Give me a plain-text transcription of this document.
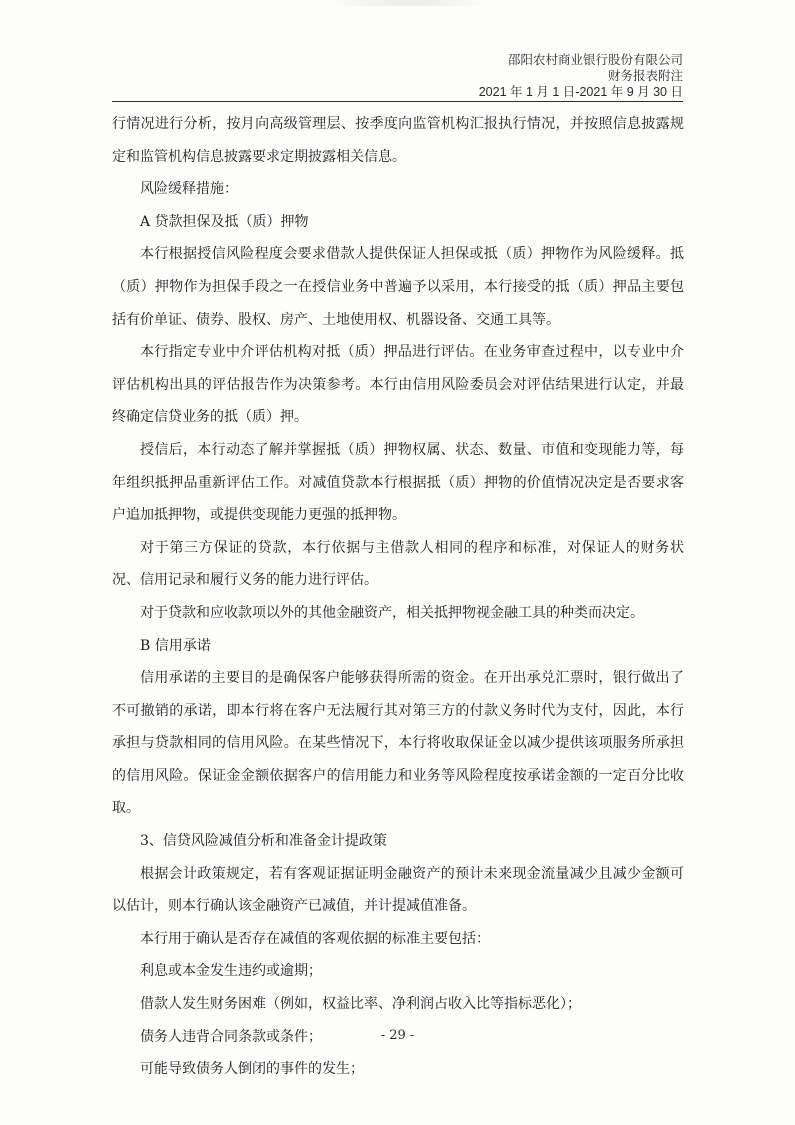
邵阳农村商业银行股份有限公司
财务报表附注
2021 年 1 月 1 日-2021 年 9 月 30 日

行情况进行分析，按月向高级管理层、按季度向监管机构汇报执行情况，并按照信息披露规定和监管机构信息披露要求定期披露相关信息。

风险缓释措施：

A 贷款担保及抵（质）押物

本行根据授信风险程度会要求借款人提供保证人担保或抵（质）押物作为风险缓释。抵（质）押物作为担保手段之一在授信业务中普遍予以采用，本行接受的抵（质）押品主要包括有价单证、债券、股权、房产、土地使用权、机器设备、交通工具等。

本行指定专业中介评估机构对抵（质）押品进行评估。在业务审查过程中，以专业中介评估机构出具的评估报告作为决策参考。本行由信用风险委员会对评估结果进行认定，并最终确定信贷业务的抵（质）押。

授信后，本行动态了解并掌握抵（质）押物权属、状态、数量、市值和变现能力等，每年组织抵押品重新评估工作。对减值贷款本行根据抵（质）押物的价值情况决定是否要求客户追加抵押物，或提供变现能力更强的抵押物。

对于第三方保证的贷款，本行依据与主借款人相同的程序和标准，对保证人的财务状况、信用记录和履行义务的能力进行评估。

对于贷款和应收款项以外的其他金融资产，相关抵押物视金融工具的种类而决定。

B 信用承诺

信用承诺的主要目的是确保客户能够获得所需的资金。在开出承兑汇票时，银行做出了不可撤销的承诺，即本行将在客户无法履行其对第三方的付款义务时代为支付，因此，本行承担与贷款相同的信用风险。在某些情况下，本行将收取保证金以减少提供该项服务所承担的信用风险。保证金金额依据客户的信用能力和业务等风险程度按承诺金额的一定百分比收取。

3、信贷风险减值分析和准备金计提政策

根据会计政策规定，若有客观证据证明金融资产的预计未来现金流量减少且减少金额可以估计，则本行确认该金融资产已减值，并计提减值准备。

本行用于确认是否存在减值的客观依据的标准主要包括：

利息或本金发生违约或逾期；

借款人发生财务困难（例如，权益比率、净利润占收入比等指标恶化）；

债务人违背合同条款或条件；

可能导致债务人倒闭的事件的发生；

- 29 -
